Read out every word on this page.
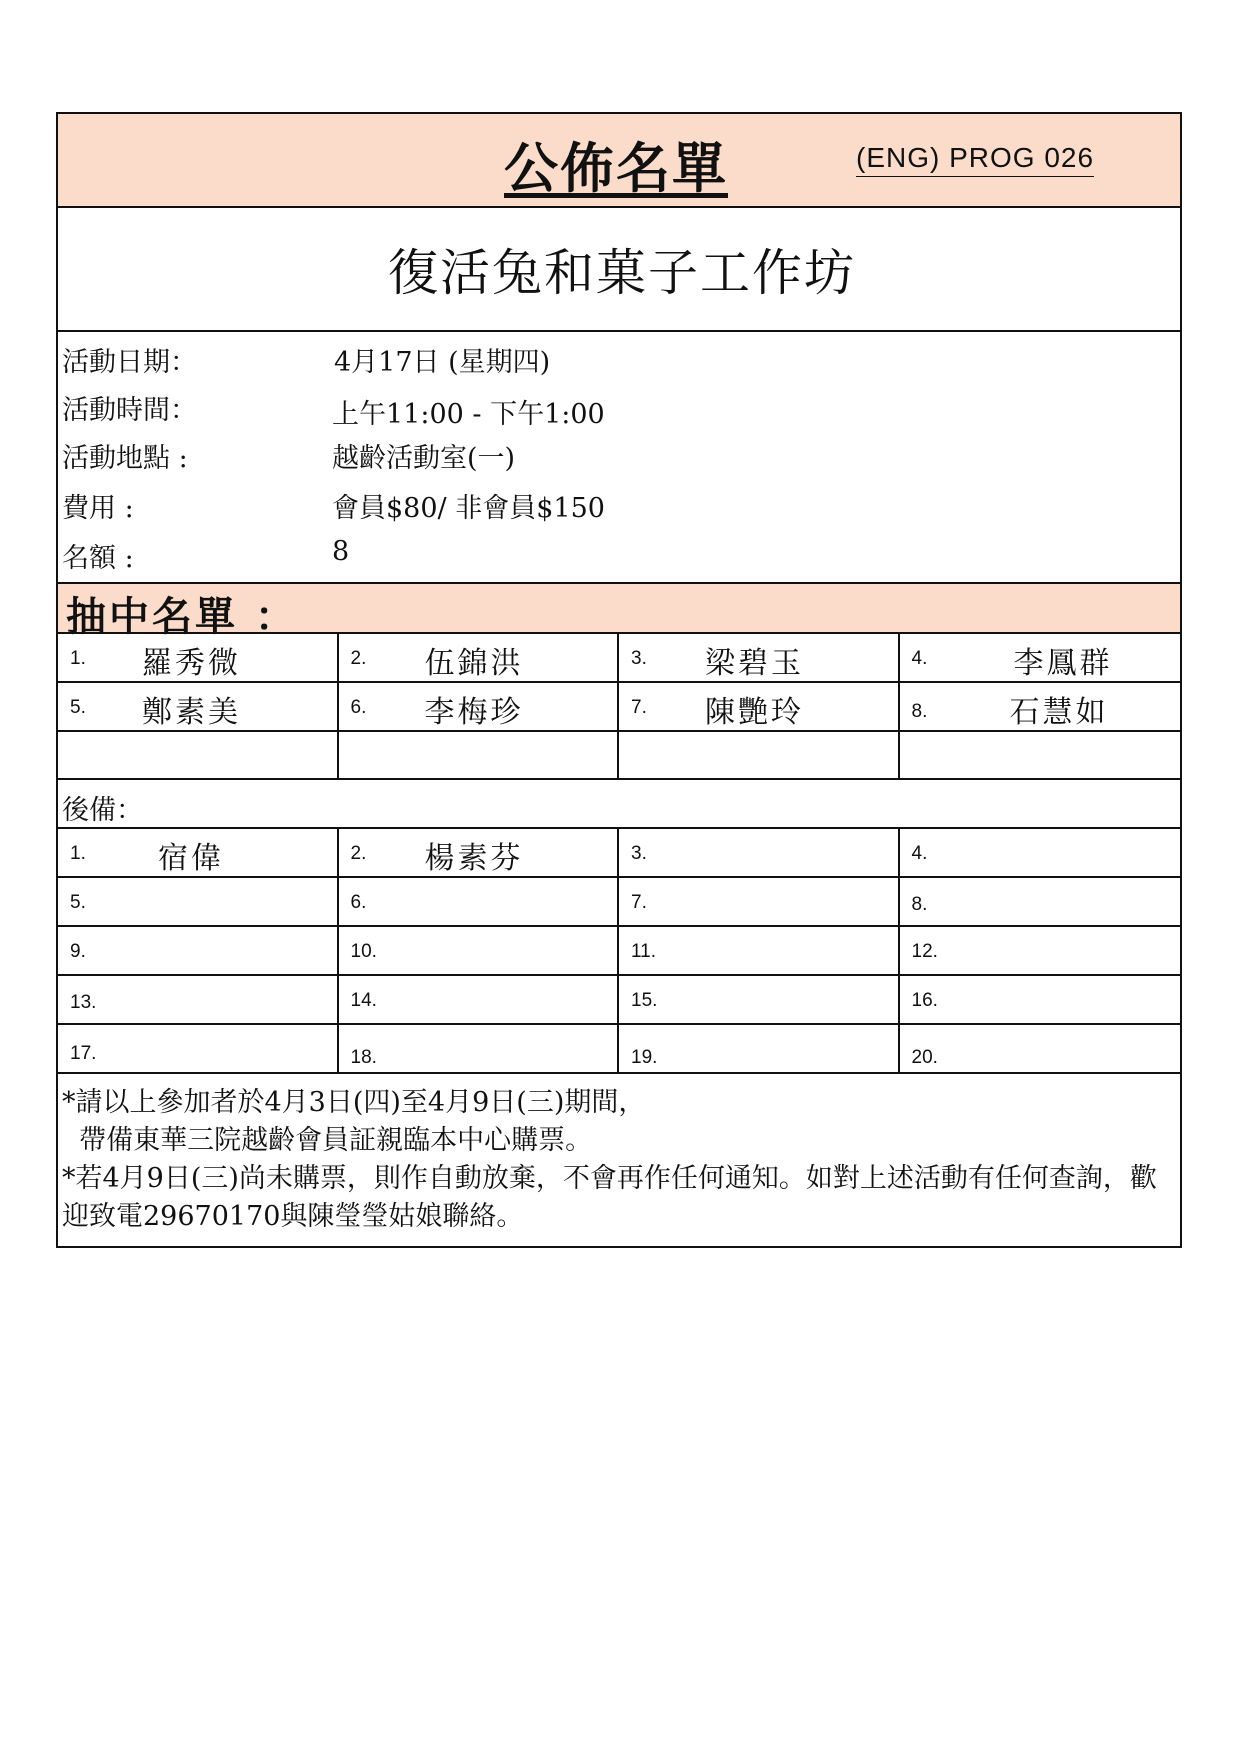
公佈名單	(ENG) PROG 026
復活兔和菓子工作坊
活動日期：	4月17日 (星期四)
活動時間：	上午11:00 - 下午1:00
活動地點 :	越齡活動室(一)
費用 :	會員$80/ 非會員$150
名額 :	8
抽中名單 ：
1. 羅秀微	2. 伍錦洪	3. 梁碧玉	4.	李鳳群
5. 鄭素美	6. 李梅珍	7. 陳艷玲	8.	石慧如
後備：
1. 宿偉	2. 楊素芬	3.	4.
5.	6.	7.	8.
9.	10.	11.	12.
13.	14.	15.	16.
17.	18.	19.	20.

*請以上參加者於4月3日(四)至4月9日(三)期間，

帶備東華三院越齡會員証親臨本中心購票。

*若4月9日(三)尚未購票，則作自動放棄，不會再作任何通知。如對上述活動有任何查詢，歡迎致電29670170與陳瑩瑩姑娘聯絡。
